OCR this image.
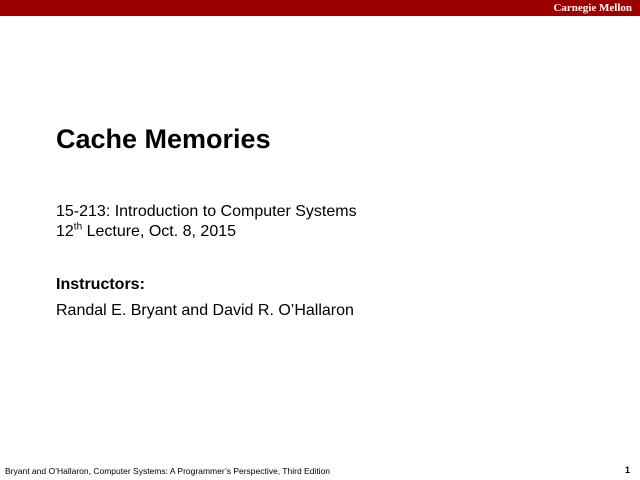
Carnegie Mellon
Cache Memories
15-213: Introduction to Computer Systems
12th Lecture, Oct. 8, 2015
Instructors:
Randal E. Bryant and David R. O’Hallaron
Bryant and O’Hallaron, Computer Systems: A Programmer’s Perspective, Third Edition	1
